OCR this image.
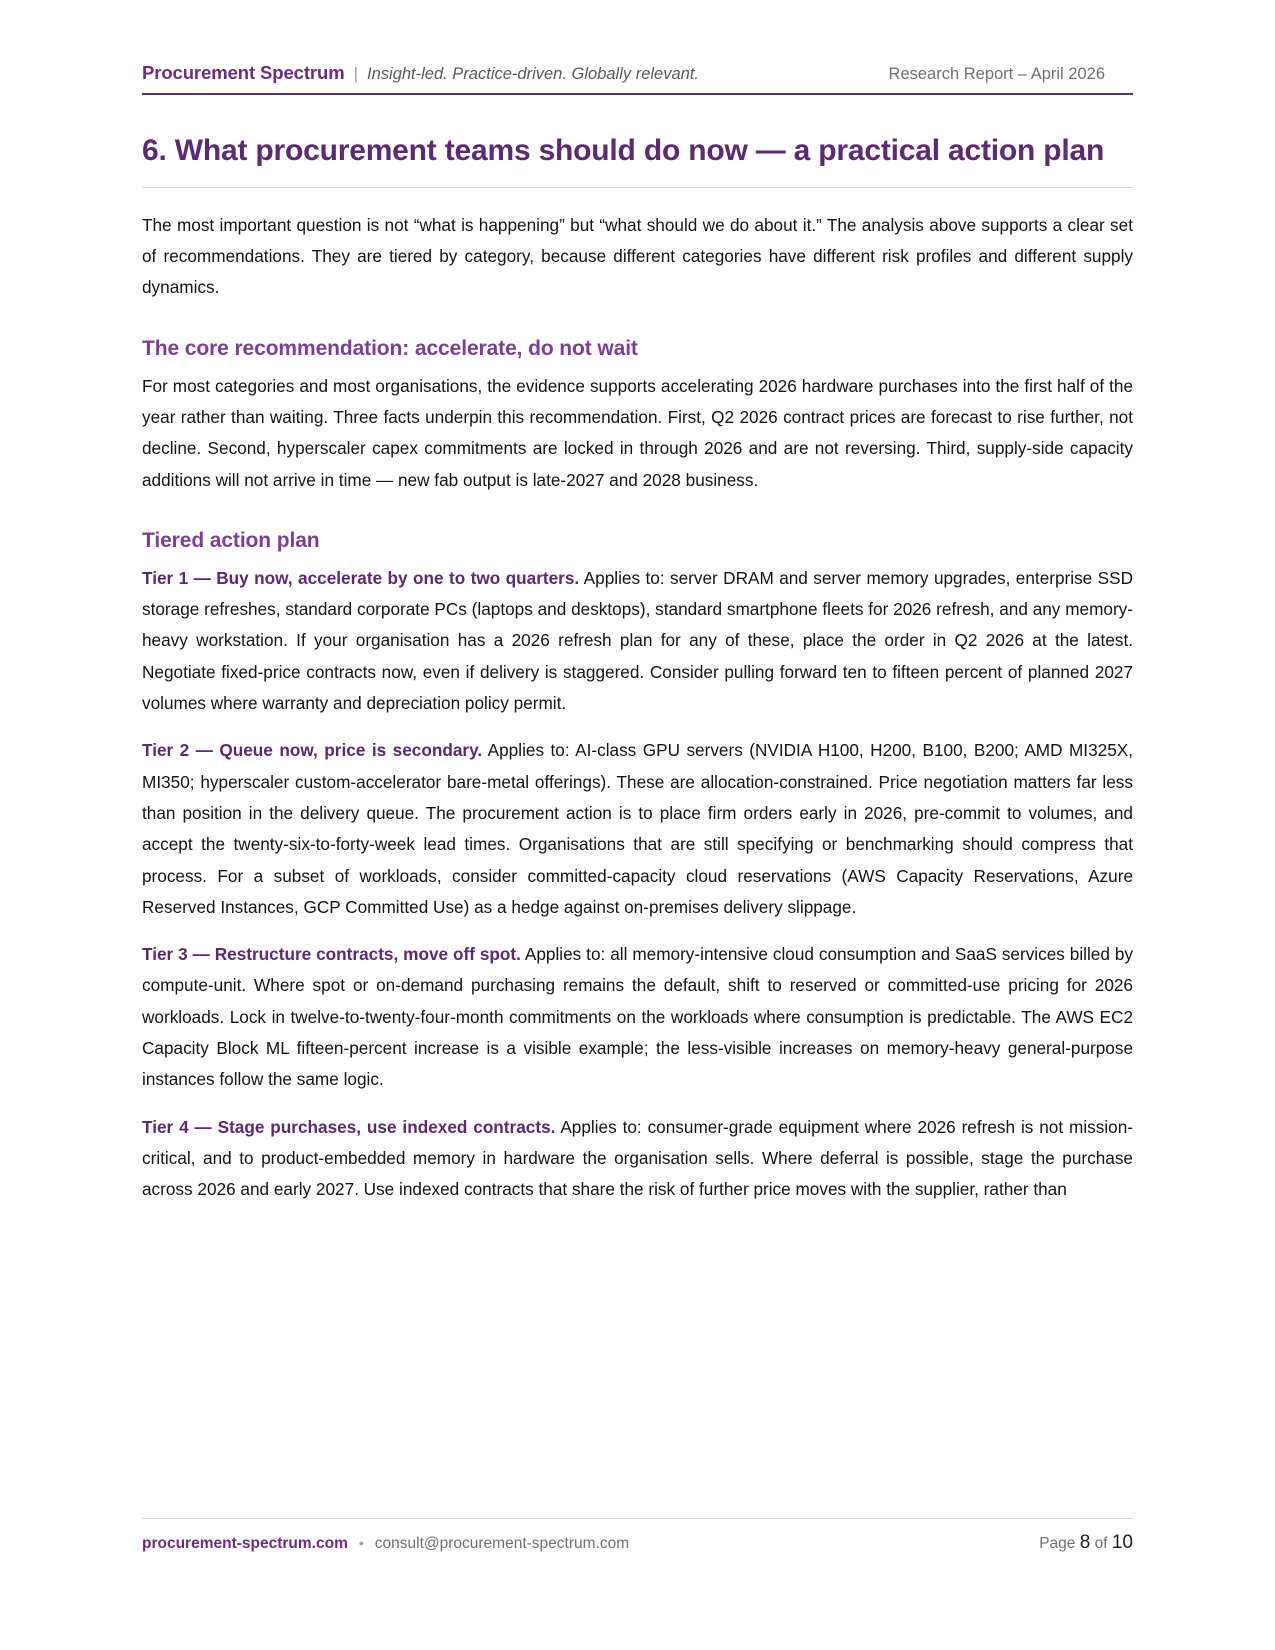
Procurement Spectrum | Insight-led. Practice-driven. Globally relevant.	Research Report – April 2026
6. What procurement teams should do now — a practical action plan

The most important question is not “what is happening” but “what should we do about it.” The analysis above supports a clear set of recommendations. They are tiered by category, because different categories have different risk profiles and different supply dynamics.

The core recommendation: accelerate, do not wait

For most categories and most organisations, the evidence supports accelerating 2026 hardware purchases into the first half of the year rather than waiting. Three facts underpin this recommendation. First, Q2 2026 contract prices are forecast to rise further, not decline. Second, hyperscaler capex commitments are locked in through 2026 and are not reversing. Third, supply-side capacity additions will not arrive in time — new fab output is late-2027 and 2028 business.

Tiered action plan

Tier 1 — Buy now, accelerate by one to two quarters. Applies to: server DRAM and server memory upgrades, enterprise SSD storage refreshes, standard corporate PCs (laptops and desktops), standard smartphone fleets for 2026 refresh, and any memory-heavy workstation. If your organisation has a 2026 refresh plan for any of these, place the order in Q2 2026 at the latest. Negotiate fixed-price contracts now, even if delivery is staggered. Consider pulling forward ten to fifteen percent of planned 2027 volumes where warranty and depreciation policy permit.

Tier 2 — Queue now, price is secondary. Applies to: AI-class GPU servers (NVIDIA H100, H200, B100, B200; AMD MI325X, MI350; hyperscaler custom-accelerator bare-metal offerings). These are allocation-constrained. Price negotiation matters far less than position in the delivery queue. The procurement action is to place firm orders early in 2026, pre-commit to volumes, and accept the twenty-six-to-forty-week lead times. Organisations that are still specifying or benchmarking should compress that process. For a subset of workloads, consider committed-capacity cloud reservations (AWS Capacity Reservations, Azure Reserved Instances, GCP Committed Use) as a hedge against on-premises delivery slippage.

Tier 3 — Restructure contracts, move off spot. Applies to: all memory-intensive cloud consumption and SaaS services billed by compute-unit. Where spot or on-demand purchasing remains the default, shift to reserved or committed-use pricing for 2026 workloads. Lock in twelve-to-twenty-four-month commitments on the workloads where consumption is predictable. The AWS EC2 Capacity Block ML fifteen-percent increase is a visible example; the less-visible increases on memory-heavy general-purpose instances follow the same logic.

Tier 4 — Stage purchases, use indexed contracts. Applies to: consumer-grade equipment where 2026 refresh is not mission-critical, and to product-embedded memory in hardware the organisation sells. Where deferral is possible, stage the purchase across 2026 and early 2027. Use indexed contracts that share the risk of further price moves with the supplier, rather than

procurement-spectrum.com • consult@procurement-spectrum.com	Page 8 of 10
